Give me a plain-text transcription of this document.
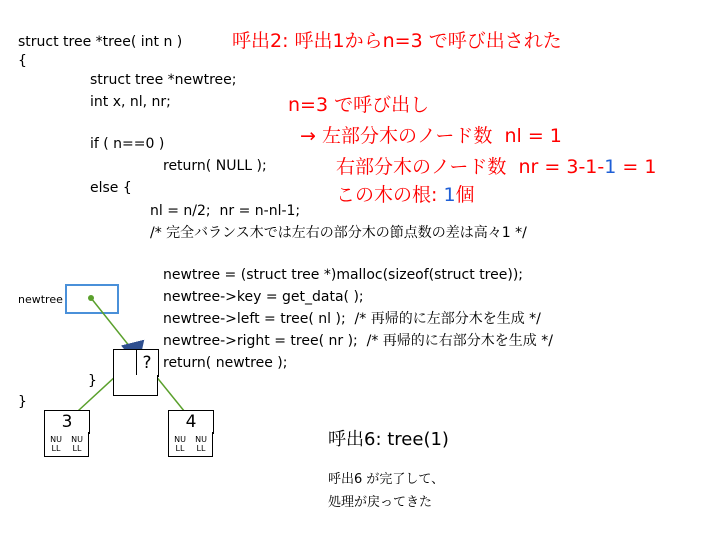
struct tree *tree( int n )
{
struct tree *newtree;
int x, nl, nr;
if ( n==0 )
return( NULL );
else {
nl = n/2;  nr = n-nl-1;
/* 完全バランス木では左右の部分木の節点数の差は高々1 */
newtree = (struct tree *)malloc(sizeof(struct tree));
newtree->key = get_data( );
newtree->left = tree( nl );  /* 再帰的に左部分木を生成 */
newtree->right = tree( nr );  /* 再帰的に右部分木を生成 */
return( newtree );
}
}
呼出2: 呼出1からn=3 で呼び出された
n=3 で呼び出し
→ 左部分木のノード数  nl = 1
右部分木のノード数  nr = 3-1-1 = 1
この木の根: 1個
newtree
?
3
NU LL
NU LL
4
NU LL
NU LL	呼出6: tree(1)
呼出6 が完了して、
処理が戻ってきた
